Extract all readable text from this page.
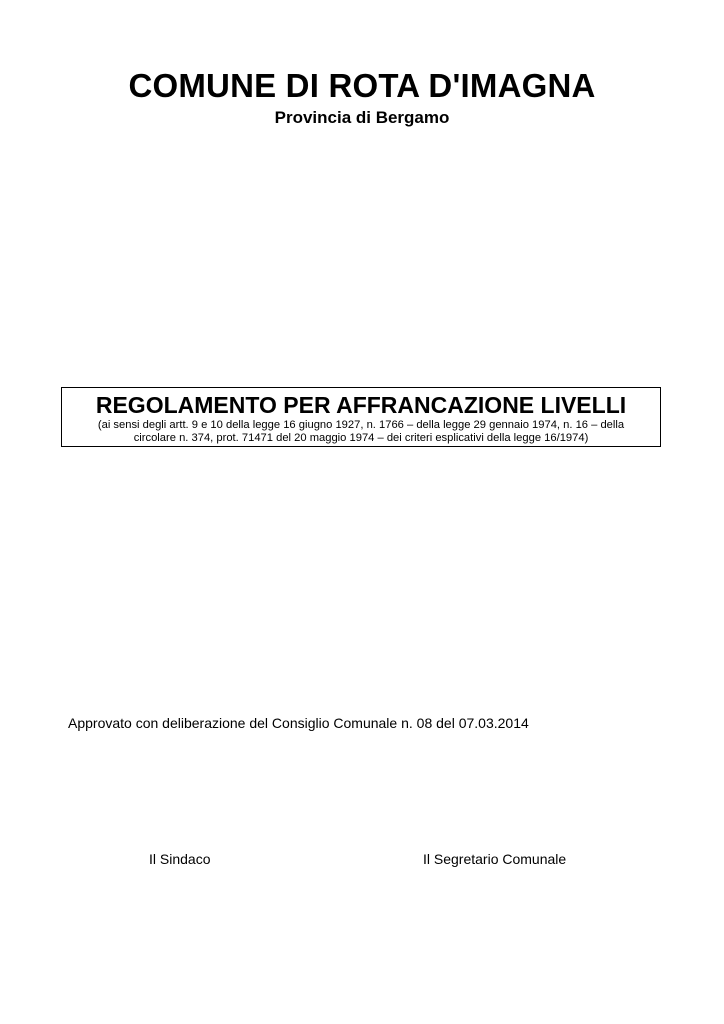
COMUNE DI ROTA D'IMAGNA
Provincia di Bergamo
REGOLAMENTO PER AFFRANCAZIONE LIVELLI
(ai sensi degli artt. 9 e 10 della legge 16 giugno 1927, n. 1766 – della legge 29 gennaio 1974, n. 16 – della
circolare n. 374, prot. 71471 del 20 maggio 1974 – dei criteri esplicativi della legge 16/1974)
Approvato con deliberazione del Consiglio Comunale n. 08 del 07.03.2014
Il Sindaco	Il Segretario Comunale
